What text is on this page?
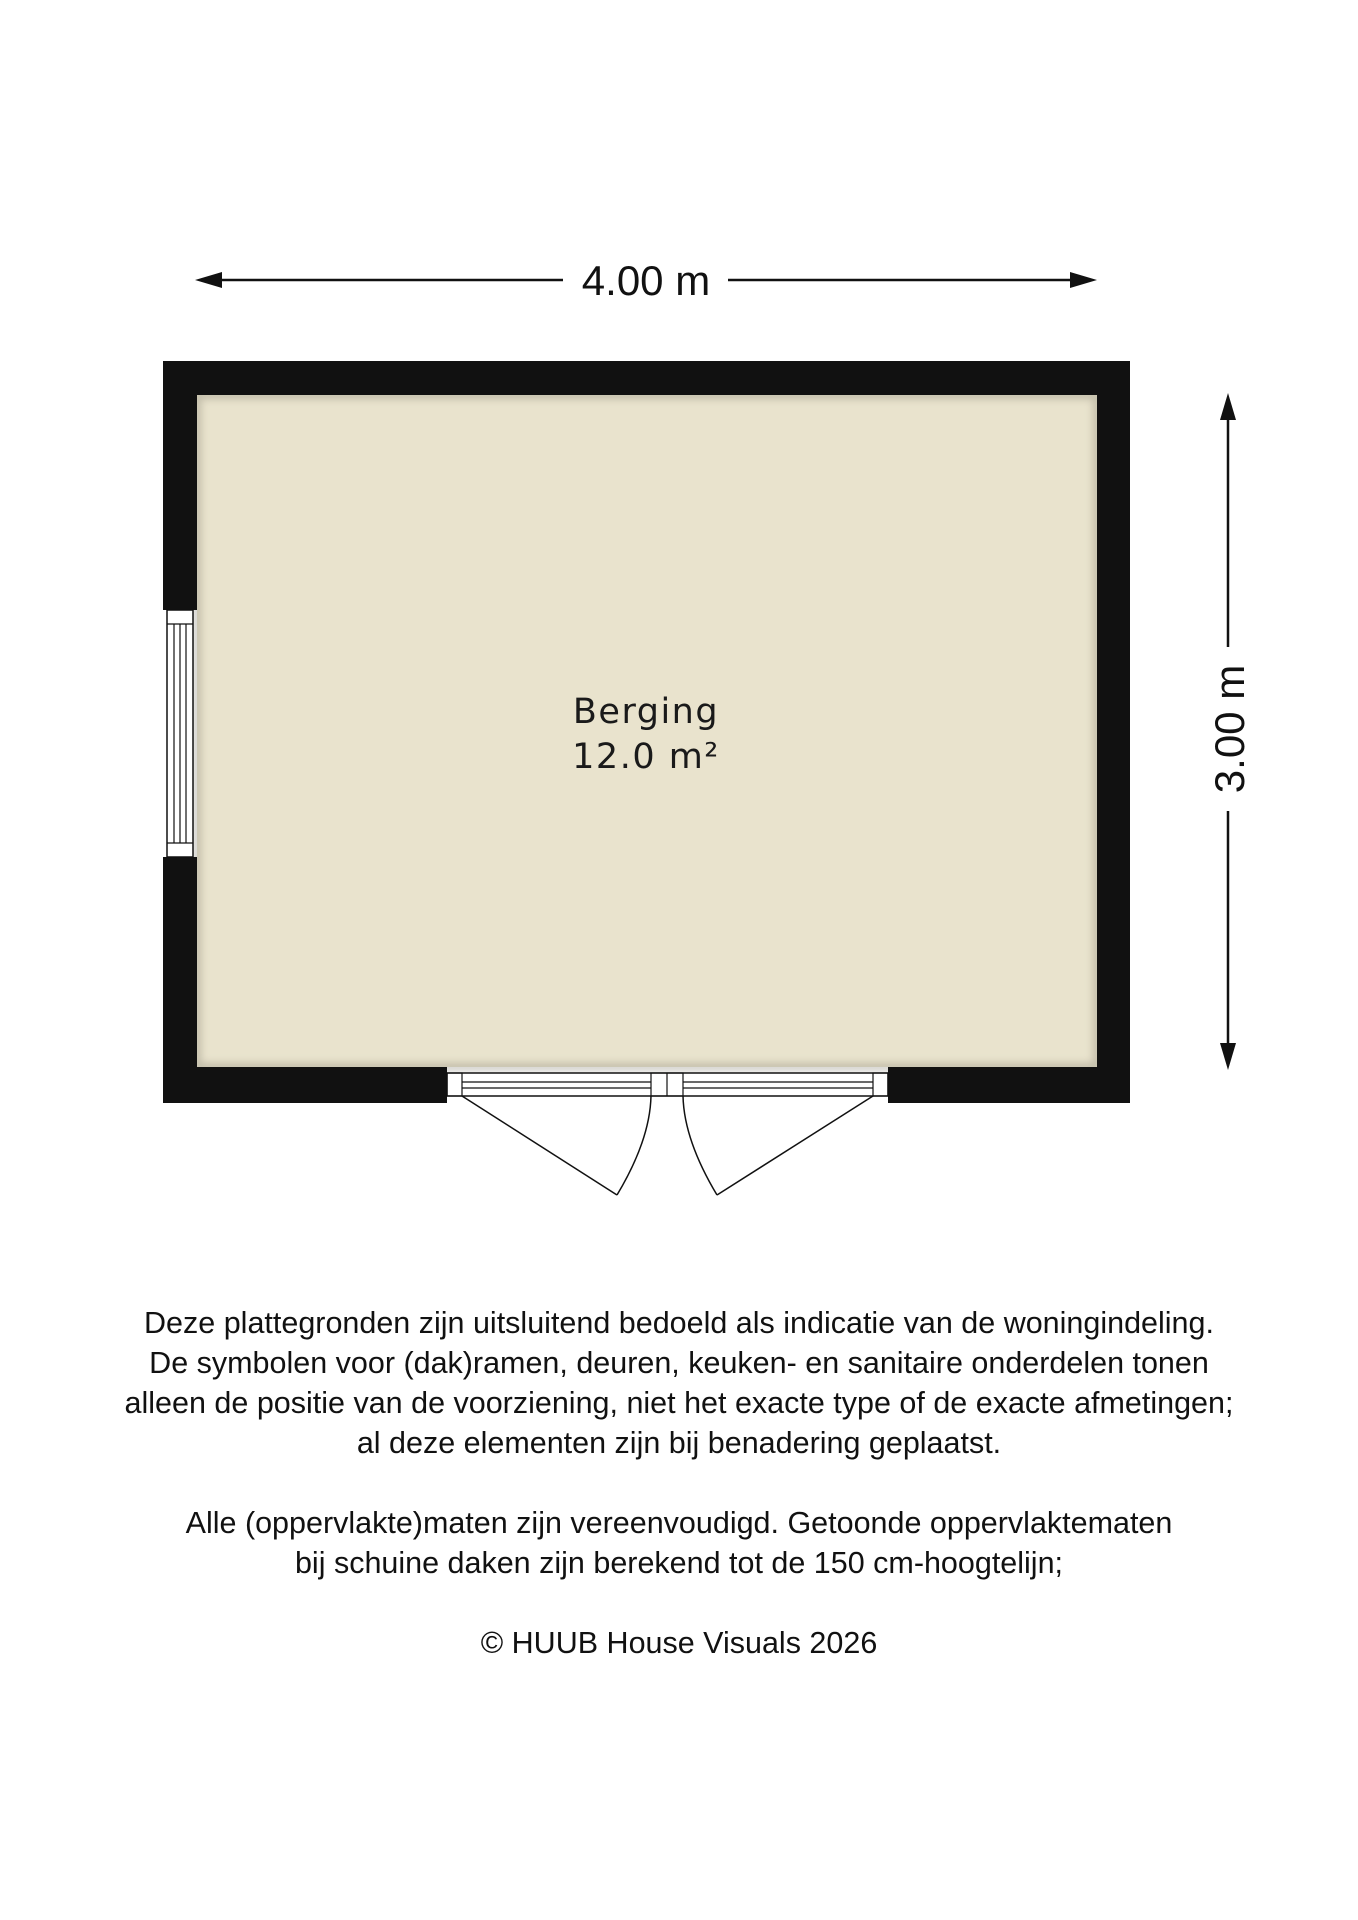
4.00 m
3.00 m
Berging
12.0 m²

Deze plattegronden zijn uitsluitend bedoeld als indicatie van de woningindeling.

De symbolen voor (dak)ramen, deuren, keuken- en sanitaire onderdelen tonen

alleen de positie van de voorziening, niet het exacte type of de exacte afmetingen;

al deze elementen zijn bij benadering geplaatst.

Alle (oppervlakte)maten zijn vereenvoudigd. Getoonde oppervlaktematen

bij schuine daken zijn berekend tot de 150 cm-hoogtelijn;

© HUUB House Visuals 2026
